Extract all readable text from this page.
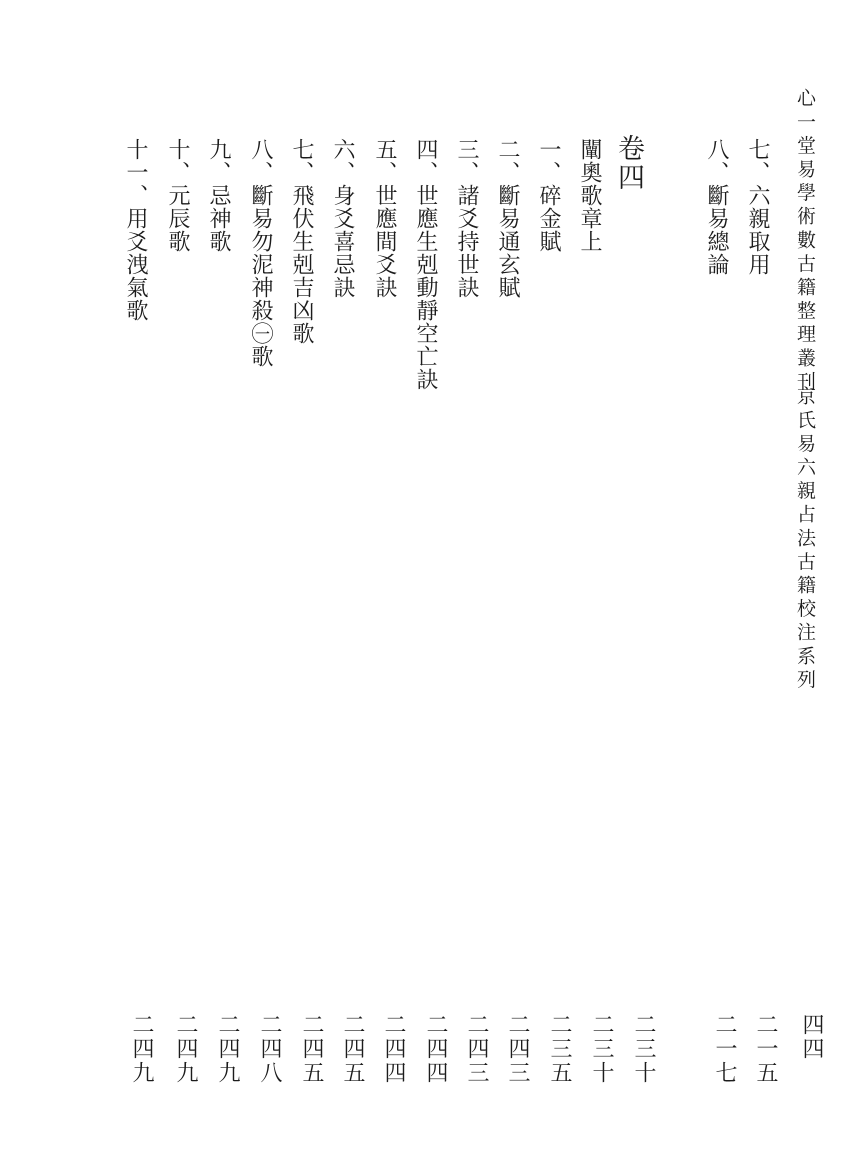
心一堂易學術數古籍整理叢刊
京氏易六親占法古籍校注系列
四四
七、六親取用
二一五
八、斷易總論
二一七
卷四
闡奧歌章上
一、碎金賦
二三十
二、斷易通玄賦
二三十
三、諸爻持世訣
二三五
四、世應生剋動靜空亡訣
二四三
五、世應間爻訣
二四三
六、身爻喜忌訣
二四四
七、飛伏生剋吉凶歌
二四四
八、斷易勿泥神殺㊀歌
二四五
九、忌神歌
二四五
十、元辰歌
二四八
十一、用爻洩氣歌
二四九
二四九
二四九
